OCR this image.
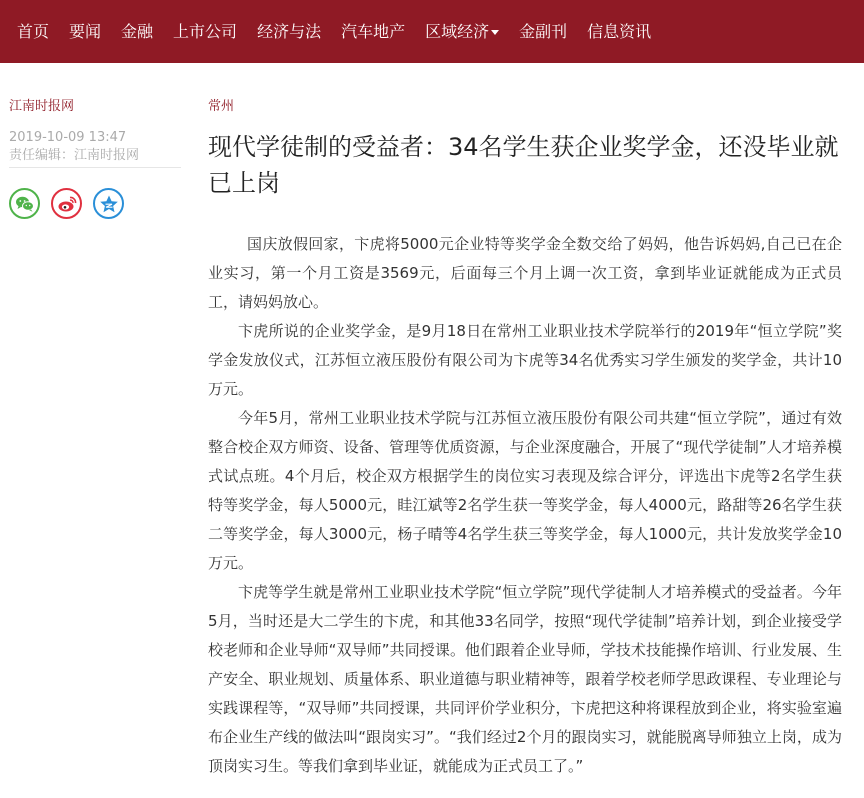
首页 要闻 金融 上市公司 经济与法 汽车地产 区域经济 金副刊 信息资讯
江南时报网
2019-10-09 13:47
责任编辑：江南时报网
常州
现代学徒制的受益者：34名学生获企业奖学金，还没毕业就已上岗

国庆放假回家，卞虎将5000元企业特等奖学金全数交给了妈妈，他告诉妈妈,自己已在企业实习，第一个月工资是3569元，后面每三个月上调一次工资，拿到毕业证就能成为正式员工，请妈妈放心。

卞虎所说的企业奖学金，是9月18日在常州工业职业技术学院举行的2019年“恒立学院”奖学金发放仪式，江苏恒立液压股份有限公司为卞虎等34名优秀实习学生颁发的奖学金，共计10万元。

今年5月，常州工业职业技术学院与江苏恒立液压股份有限公司共建“恒立学院”，通过有效整合校企双方师资、设备、管理等优质资源，与企业深度融合，开展了“现代学徒制”人才培养模式试点班。4个月后，校企双方根据学生的岗位实习表现及综合评分，评选出卞虎等2名学生获特等奖学金，每人5000元，眭江斌等2名学生获一等奖学金，每人4000元，路甜等26名学生获二等奖学金，每人3000元，杨子晴等4名学生获三等奖学金，每人1000元，共计发放奖学金10万元。

卞虎等学生就是常州工业职业技术学院“恒立学院”现代学徒制人才培养模式的受益者。今年5月，当时还是大二学生的卞虎，和其他33名同学，按照“现代学徒制”培养计划，到企业接受学校老师和企业导师“双导师”共同授课。他们跟着企业导师，学技术技能操作培训、行业发展、生产安全、职业规划、质量体系、职业道德与职业精神等，跟着学校老师学思政课程、专业理论与实践课程等，“双导师”共同授课，共同评价学业积分，卞虎把这种将课程放到企业，将实验室遍布企业生产线的做法叫“跟岗实习”。“我们经过2个月的跟岗实习，就能脱离导师独立上岗，成为顶岗实习生。等我们拿到毕业证，就能成为正式员工了。”
